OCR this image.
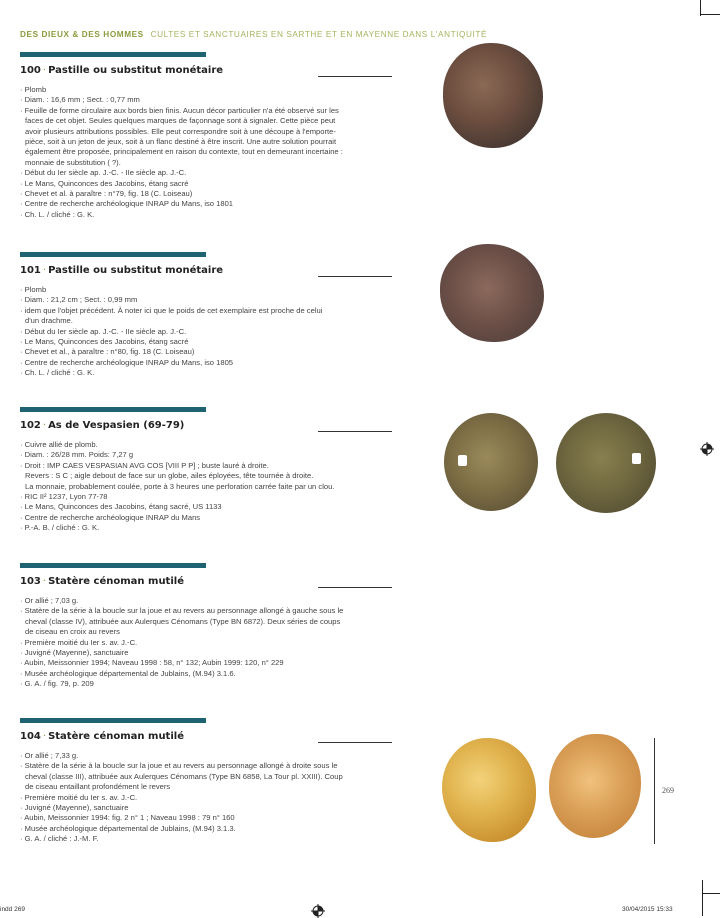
DES DIEUX & DES HOMMES CULTES ET SANCTUAIRES EN SARTHE ET EN MAYENNE DANS L'ANTIQUITÉ
100 · Pastille ou substitut monétaire
· Plomb
· Diam. : 16,6 mm ; Sect. : 0,77 mm
· Feuille de forme circulaire aux bords bien finis. Aucun décor particulier n'a été observé sur les
faces de cet objet. Seules quelques marques de façonnage sont à signaler. Cette pièce peut
avoir plusieurs attributions possibles. Elle peut correspondre soit à une découpe à l'emporte-
pièce, soit à un jeton de jeux, soit à un flanc destiné à être inscrit. Une autre solution pourrait
également être proposée, principalement en raison du contexte, tout en demeurant incertaine :
monnaie de substitution ( ?).
· Début du Ier siècle ap. J.-C. - IIe siècle ap. J.-C.
· Le Mans, Quinconces des Jacobins, étang sacré
· Chevet et al. à paraître : n°79, fig. 18 (C. Loiseau)
· Centre de recherche archéologique INRAP du Mans, iso 1801
· Ch. L. / cliché : G. K.
101 · Pastille ou substitut monétaire
· Plomb
· Diam. : 21,2 cm ; Sect. : 0,99 mm
· idem que l'objet précédent. À noter ici que le poids de cet exemplaire est proche de celui
d'un drachme.
· Début du Ier siècle ap. J.-C. - IIe siècle ap. J.-C.
· Le Mans, Quinconces des Jacobins, étang sacré
· Chevet et al., à paraître : n°80, fig. 18 (C. Loiseau)
· Centre de recherche archéologique INRAP du Mans, iso 1805
· Ch. L. / cliché : G. K.
102 · As de Vespasien (69-79)
· Cuivre allié de plomb.
· Diam. : 26/28 mm. Poids: 7,27 g
· Droit : IMP CAES VESPASIAN AVG COS [VIII P P] ; buste lauré à droite.
Revers : S C ; aigle debout de face sur un globe, ailes éployées, tête tournée à droite.
La monnaie, probablement coulée, porte à 3 heures une perforation carrée faite par un clou.
· RIC II² 1237, Lyon 77-78
· Le Mans, Quinconces des Jacobins, étang sacré, US 1133
· Centre de recherche archéologique INRAP du Mans
· P.-A. B. / cliché : G. K.
103 · Statère cénoman mutilé
· Or allié ; 7,03 g.
· Statère de la série à la boucle sur la joue et au revers au personnage allongé à gauche sous le
cheval (classe IV), attribuée aux Aulerques Cénomans (Type BN 6872). Deux séries de coups
de ciseau en croix au revers
· Première moitié du Ier s. av. J.-C.
· Juvigné (Mayenne), sanctuaire
· Aubin, Meissonnier 1994; Naveau 1998 : 58, n° 132; Aubin 1999: 120, n° 229
· Musée archéologique départemental de Jublains, (M.94) 3.1.6.
· G. A. / fig. 79, p. 209
104 · Statère cénoman mutilé
· Or allié ; 7,33 g.
· Statère de la série à la boucle sur la joue et au revers au personnage allongé à droite sous le
cheval (classe III), attribuée aux Aulerques Cénomans (Type BN 6858, La Tour pl. XXIII). Coup
de ciseau entaillant profondément le revers
· Première moitié du Ier s. av. J.-C.
· Juvigné (Mayenne), sanctuaire
· Aubin, Meissonnier 1994: fig. 2 n° 1 ; Naveau 1998 : 79 n° 160
· Musée archéologique départemental de Jublains, (M.94) 3.1.3.
· G. A. / cliché : J.-M. F.
269
indd 269	30/04/2015 15:33
